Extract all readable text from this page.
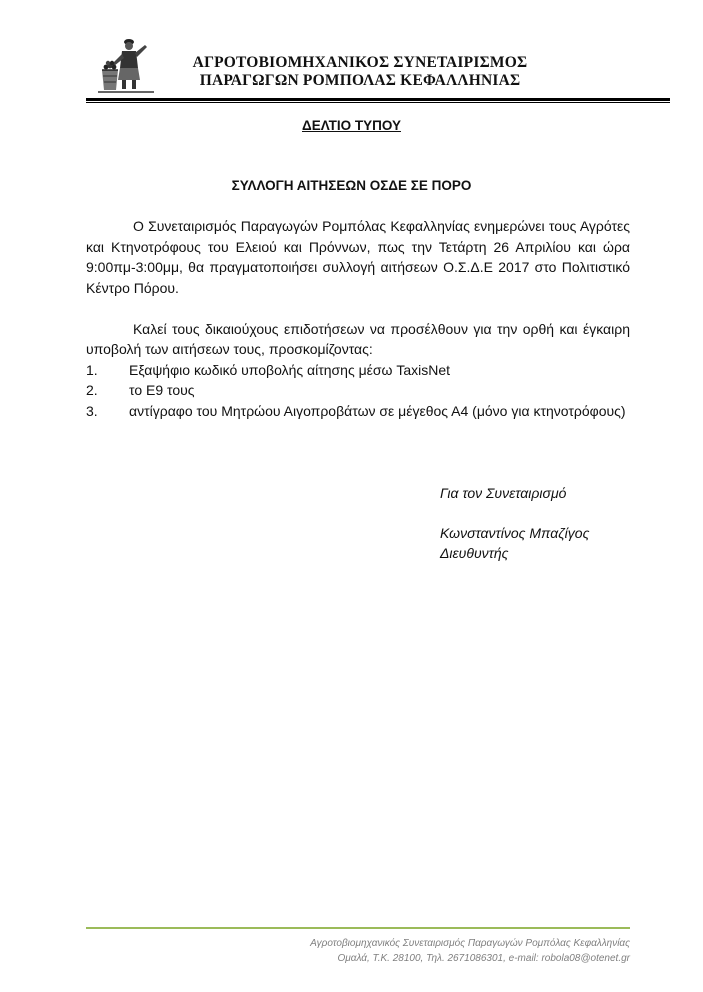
ΑΓΡΟΤΟΒΙΟΜΗΧΑΝΙΚΟΣ ΣΥΝΕΤΑΙΡΙΣΜΟΣ
ΠΑΡΑΓΩΓΩΝ ΡΟΜΠΟΛΑΣ ΚΕΦΑΛΛΗΝΙΑΣ
ΔΕΛΤΙΟ ΤΥΠΟΥ
ΣΥΛΛΟΓΗ ΑΙΤΗΣΕΩΝ ΟΣΔΕ ΣΕ ΠΟΡΟ

Ο Συνεταιρισμός Παραγωγών Ρομπόλας Κεφαλληνίας ενημερώνει τους Αγρότες και Κτηνοτρόφους του Ελειού και Πρόννων, πως την Τετάρτη 26 Απριλίου και ώρα 9:00πμ-3:00μμ, θα πραγματοποιήσει συλλογή αιτήσεων Ο.Σ.Δ.Ε 2017 στο Πολιτιστικό Κέντρο Πόρου.

Καλεί τους δικαιούχους επιδοτήσεων να προσέλθουν για την ορθή και έγκαιρη υποβολή των αιτήσεων τους, προσκομίζοντας:

1. Εξαψήφιο κωδικό υποβολής αίτησης μέσω TaxisNet
2. το Ε9 τους
3. αντίγραφο του Μητρώου Αιγοπροβάτων σε μέγεθος Α4 (μόνο για κτηνοτρόφους)
Για τον Συνεταιρισμό
Κωνσταντίνος Μπαζίγος
Διευθυντής
Αγροτοβιομηχανικός Συνεταιρισμός Παραγωγών Ρομπόλας Κεφαλληνίας
Ομαλά, Τ.Κ. 28100, Τηλ. 2671086301, e-mail: robola08@otenet.gr
